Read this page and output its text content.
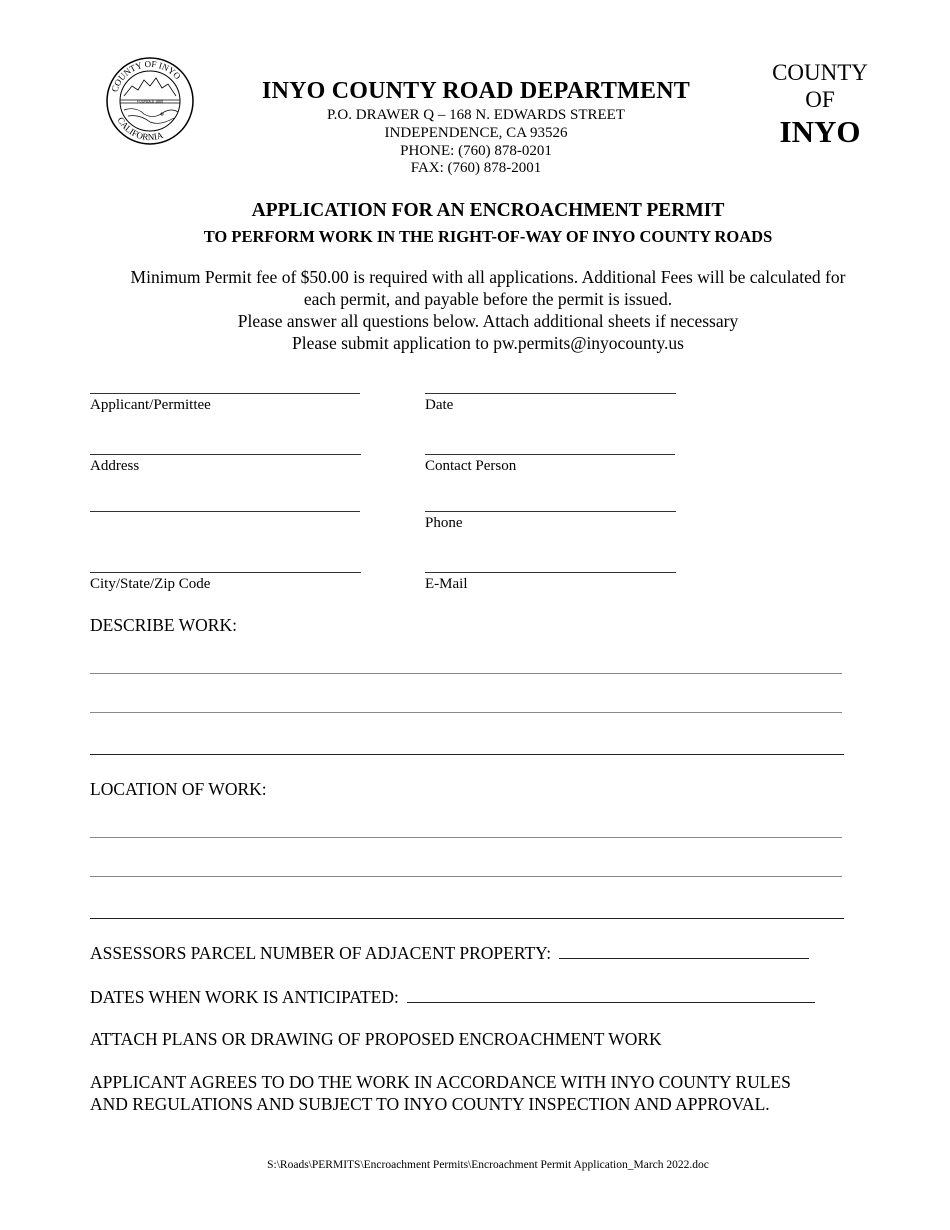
COUNTY OF INYO
CALIFORNIA
FOUNDED 1866	INYO COUNTY ROAD DEPARTMENT
P.O. DRAWER Q – 168 N. EDWARDS STREET
INDEPENDENCE, CA 93526
PHONE: (760) 878-0201
FAX: (760) 878-2001
COUNTY
OF
INYO
APPLICATION FOR AN ENCROACHMENT PERMIT
TO PERFORM WORK IN THE RIGHT-OF-WAY OF INYO COUNTY ROADS
Minimum Permit fee of $50.00 is required with all applications. Additional Fees will be calculated for
each permit, and payable before the permit is issued.
Please answer all questions below. Attach additional sheets if necessary
Please submit application to pw.permits@inyocounty.us
Applicant/Permittee
Address
City/State/Zip Code
Date
Contact Person
Phone
E-Mail
DESCRIBE WORK:
LOCATION OF WORK:
ASSESSORS PARCEL NUMBER OF ADJACENT PROPERTY:
DATES WHEN WORK IS ANTICIPATED:
ATTACH PLANS OR DRAWING OF PROPOSED ENCROACHMENT WORK
APPLICANT AGREES TO DO THE WORK IN ACCORDANCE WITH INYO COUNTY RULES
AND REGULATIONS AND SUBJECT TO INYO COUNTY INSPECTION AND APPROVAL.
S:\Roads\PERMITS\Encroachment Permits\Encroachment Permit Application_March 2022.doc
